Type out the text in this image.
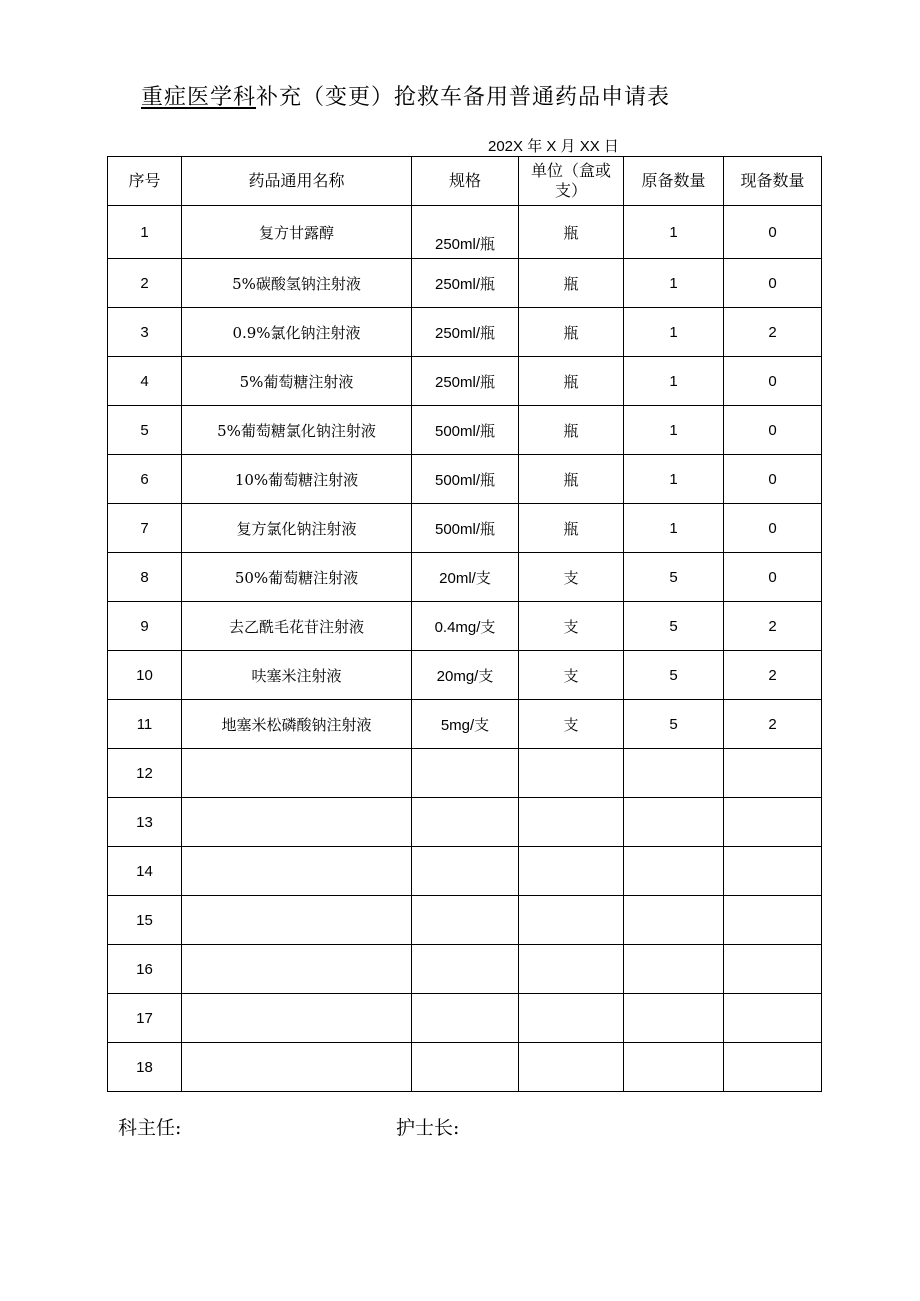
重症医学科补充（变更）抢救车备用普通药品申请表
202X 年 X 月 XX 日
序号	药品通用名称	规格	单位（盒或支）	原备数量	现备数量
1	复方甘露醇	250ml/瓶	瓶	1	0
2	5%碳酸氢钠注射液	250ml/瓶	瓶	1	0
3	0.9%氯化钠注射液	250ml/瓶	瓶	1	2
4	5%葡萄糖注射液	250ml/瓶	瓶	1	0
5	5%葡萄糖氯化钠注射液	500ml/瓶	瓶	1	0
6	10%葡萄糖注射液	500ml/瓶	瓶	1	0
7	复方氯化钠注射液	500ml/瓶	瓶	1	0
8	50%葡萄糖注射液	20ml/支	支	5	0
9	去乙酰毛花苷注射液	0.4mg/支	支	5	2
10	呋塞米注射液	20mg/支	支	5	2
11	地塞米松磷酸钠注射液	5mg/支	支	5	2
12					
13					
14					
15					
16					
17					
18					
科主任:	护士长:
